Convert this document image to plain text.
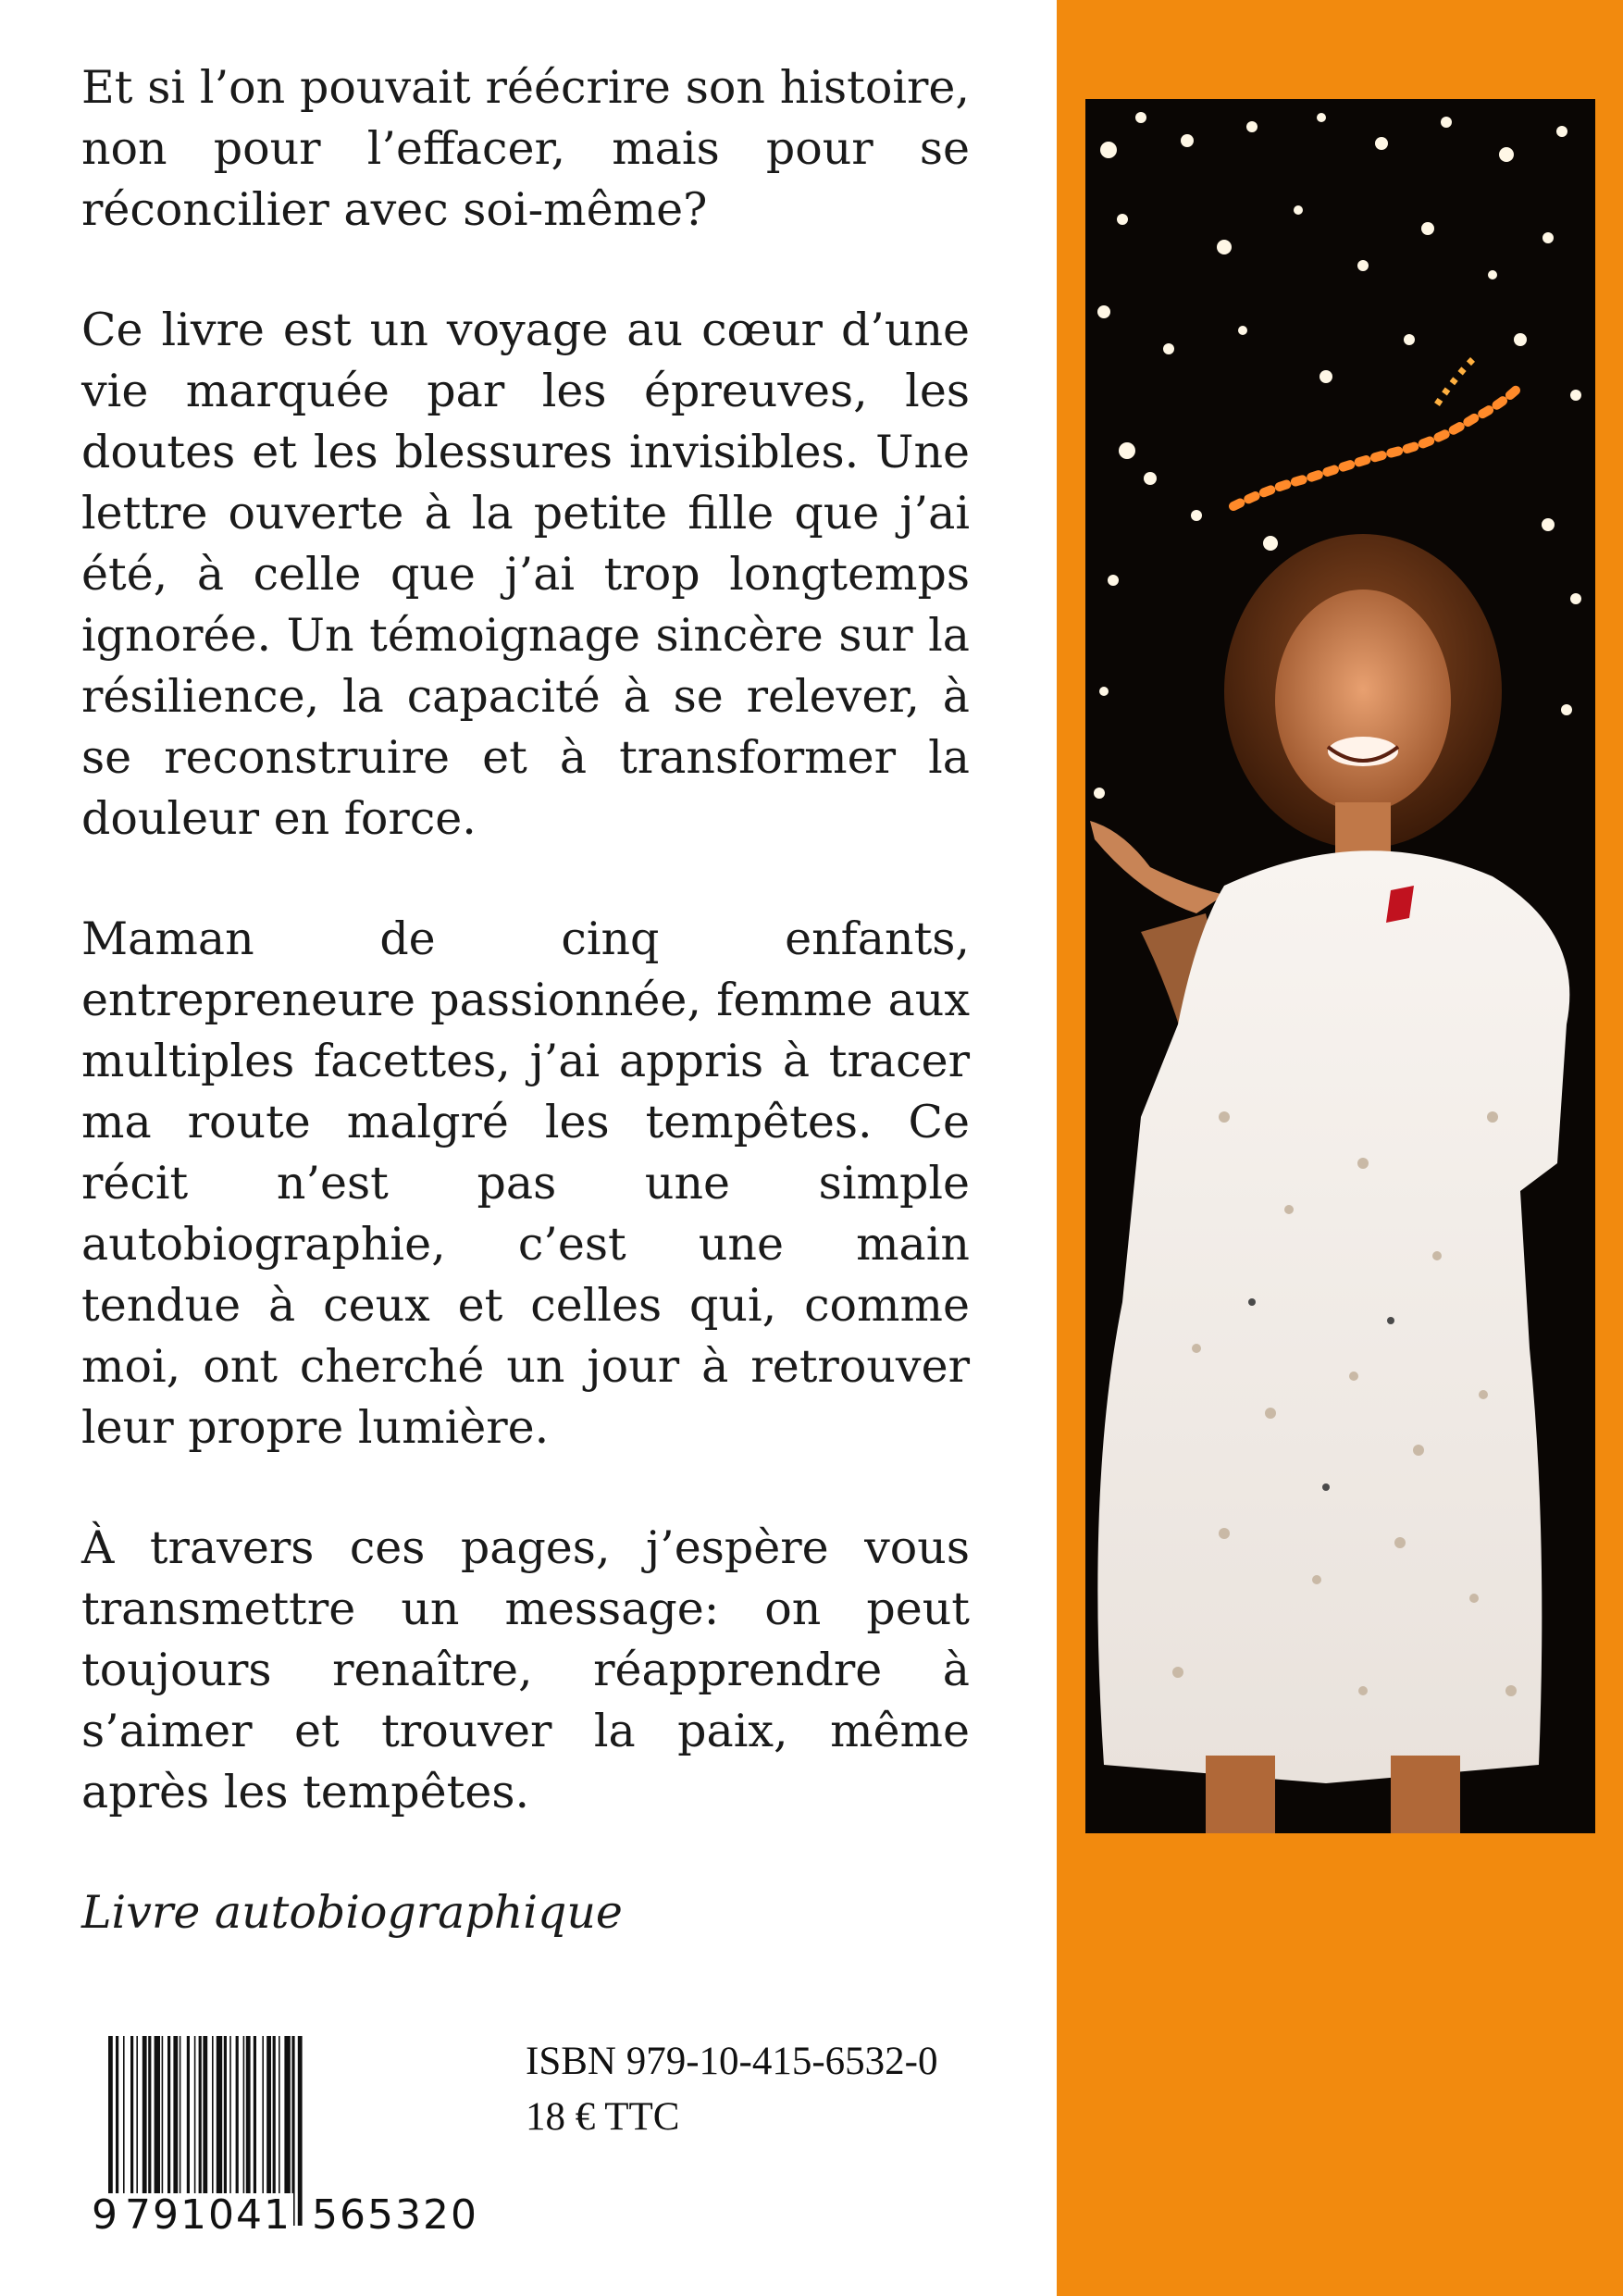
Et si l’on pouvait réécrire son histoire, non pour l’effacer, mais pour se réconcilier avec soi-même?

Ce livre est un voyage au cœur d’une vie marquée par les épreuves, les doutes et les blessures invisibles. Une lettre ouverte à la petite fille que j’ai été, à celle que j’ai trop longtemps ignorée. Un témoignage sincère sur la résilience, la capacité à se relever, à se reconstruire et à transformer la douleur en force.

Maman de cinq enfants, entrepreneure passionnée, femme aux multiples facettes, j’ai appris à tracer ma route malgré les tempêtes. Ce récit n’est pas une simple autobiographie, c’est une main tendue à ceux et celles qui, comme moi, ont cherché un jour à retrouver leur propre lumière.

À travers ces pages, j’espère vous transmettre un message: on peut toujours renaître, réapprendre à s’aimer et trouver la paix, même après les tempêtes.

Livre autobiographique

9 791041 565320
ISBN 979-10-415-6532-0
18 € TTC
